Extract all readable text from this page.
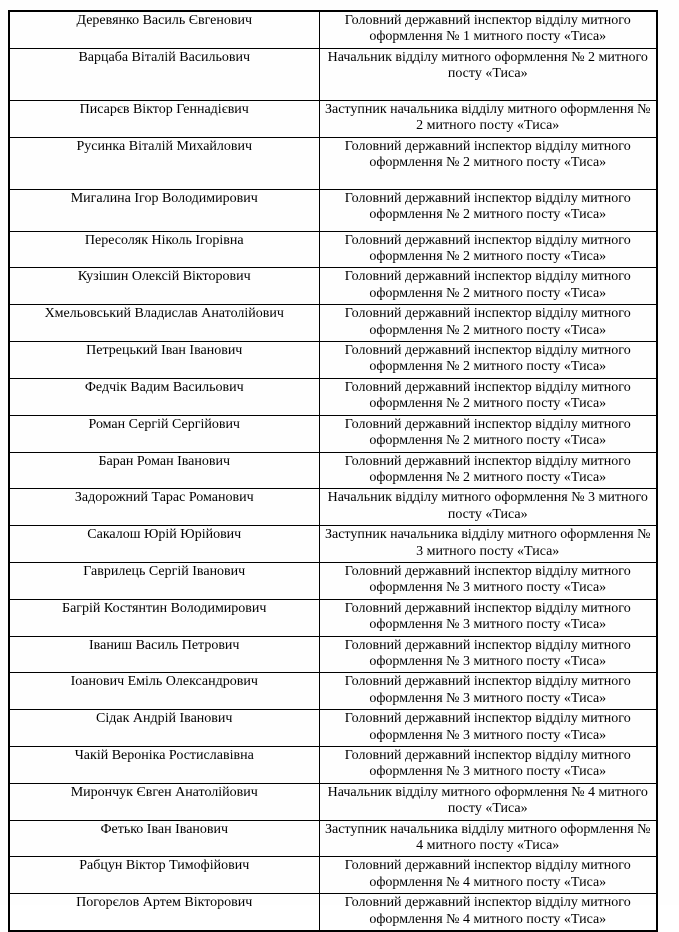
Деревянко Василь Євгенович	Головний державний інспектор відділу митного оформлення № 1 митного посту «Тиса»
Варцаба Віталій Васильович	Начальник відділу митного оформлення № 2 митного посту «Тиса»
Писарєв Віктор Геннадієвич	Заступник начальника відділу митного оформлення № 2 митного посту «Тиса»
Русинка Віталій Михайлович	Головний державний інспектор відділу митного оформлення № 2 митного посту «Тиса»
Мигалина Ігор Володимирович	Головний державний інспектор відділу митного оформлення № 2 митного посту «Тиса»
Пересоляк Ніколь Ігорівна	Головний державний інспектор відділу митного оформлення № 2 митного посту «Тиса»
Кузішин Олексій Вікторович	Головний державний інспектор відділу митного оформлення № 2 митного посту «Тиса»
Хмельовський Владислав Анатолійович	Головний державний інспектор відділу митного оформлення № 2 митного посту «Тиса»
Петрецький Іван Іванович	Головний державний інспектор відділу митного оформлення № 2 митного посту «Тиса»
Федчік Вадим Васильович	Головний державний інспектор відділу митного оформлення № 2 митного посту «Тиса»
Роман Сергій Сергійович	Головний державний інспектор відділу митного оформлення № 2 митного посту «Тиса»
Баран Роман Іванович	Головний державний інспектор відділу митного оформлення № 2 митного посту «Тиса»
Задорожний Тарас Романович	Начальник відділу митного оформлення № 3 митного посту «Тиса»
Сакалош Юрій Юрійович	Заступник начальника відділу митного оформлення № 3 митного посту «Тиса»
Гаврилець Сергій Іванович	Головний державний інспектор відділу митного оформлення № 3 митного посту «Тиса»
Багрій Костянтин Володимирович	Головний державний інспектор відділу митного оформлення № 3 митного посту «Тиса»
Іваниш Василь Петрович	Головний державний інспектор відділу митного оформлення № 3 митного посту «Тиса»
Іоанович Еміль Олександрович	Головний державний інспектор відділу митного оформлення № 3 митного посту «Тиса»
Сідак Андрій Іванович	Головний державний інспектор відділу митного оформлення № 3 митного посту «Тиса»
Чакій Вероніка Ростиславівна	Головний державний інспектор відділу митного оформлення № 3 митного посту «Тиса»
Мирончук Євген Анатолійович	Начальник відділу митного оформлення № 4 митного посту «Тиса»
Фетько Іван Іванович	Заступник начальника відділу митного оформлення № 4 митного посту «Тиса»
Рабцун Віктор Тимофійович	Головний державний інспектор відділу митного оформлення № 4 митного посту «Тиса»
Погорєлов Артем Вікторович	Головний державний інспектор відділу митного оформлення № 4 митного посту «Тиса»
